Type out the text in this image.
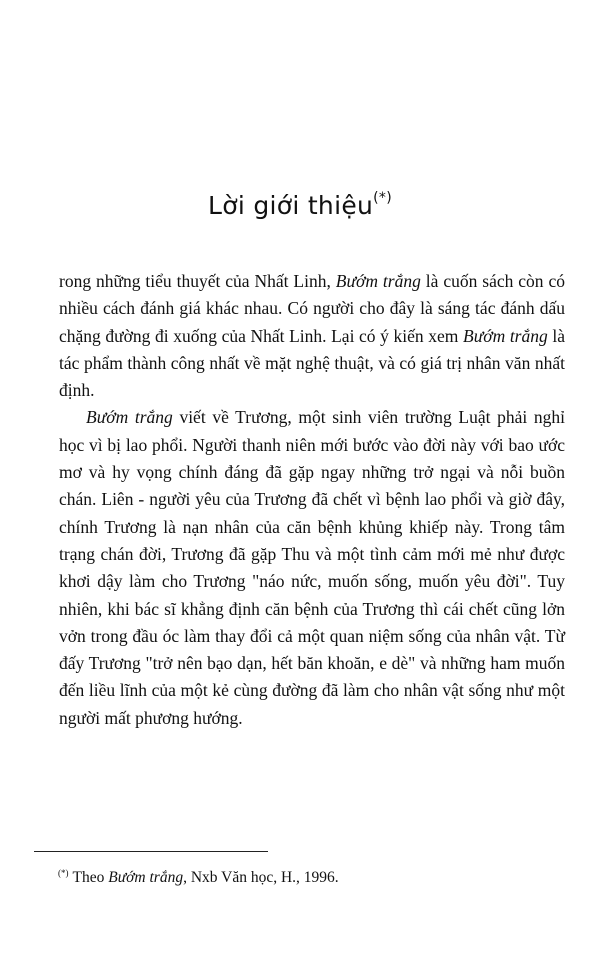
Lời giới thiệu(*)

rong những tiểu thuyết của Nhất Linh, Bướm trắng là cuốn sách còn có nhiều cách đánh giá khác nhau. Có người cho đây là sáng tác đánh dấu chặng đường đi xuống của Nhất Linh. Lại có ý kiến xem Bướm trắng là tác phẩm thành công nhất về mặt nghệ thuật, và có giá trị nhân văn nhất định.

Bướm trắng viết về Trương, một sinh viên trường Luật phải nghỉ học vì bị lao phổi. Người thanh niên mới bước vào đời này với bao ước mơ và hy vọng chính đáng đã gặp ngay những trở ngại và nỗi buồn chán. Liên - người yêu của Trương đã chết vì bệnh lao phổi và giờ đây, chính Trương là nạn nhân của căn bệnh khủng khiếp này. Trong tâm trạng chán đời, Trương đã gặp Thu và một tình cảm mới mẻ như được khơi dậy làm cho Trương "náo nức, muốn sống, muốn yêu đời". Tuy nhiên, khi bác sĩ khẳng định căn bệnh của Trương thì cái chết cũng lởn vởn trong đầu óc làm thay đổi cả một quan niệm sống của nhân vật. Từ đấy Trương "trở nên bạo dạn, hết băn khoăn, e dè" và những ham muốn đến liều lĩnh của một kẻ cùng đường đã làm cho nhân vật sống như một người mất phương hướng.

(*) Theo Bướm trắng, Nxb Văn học, H., 1996.
